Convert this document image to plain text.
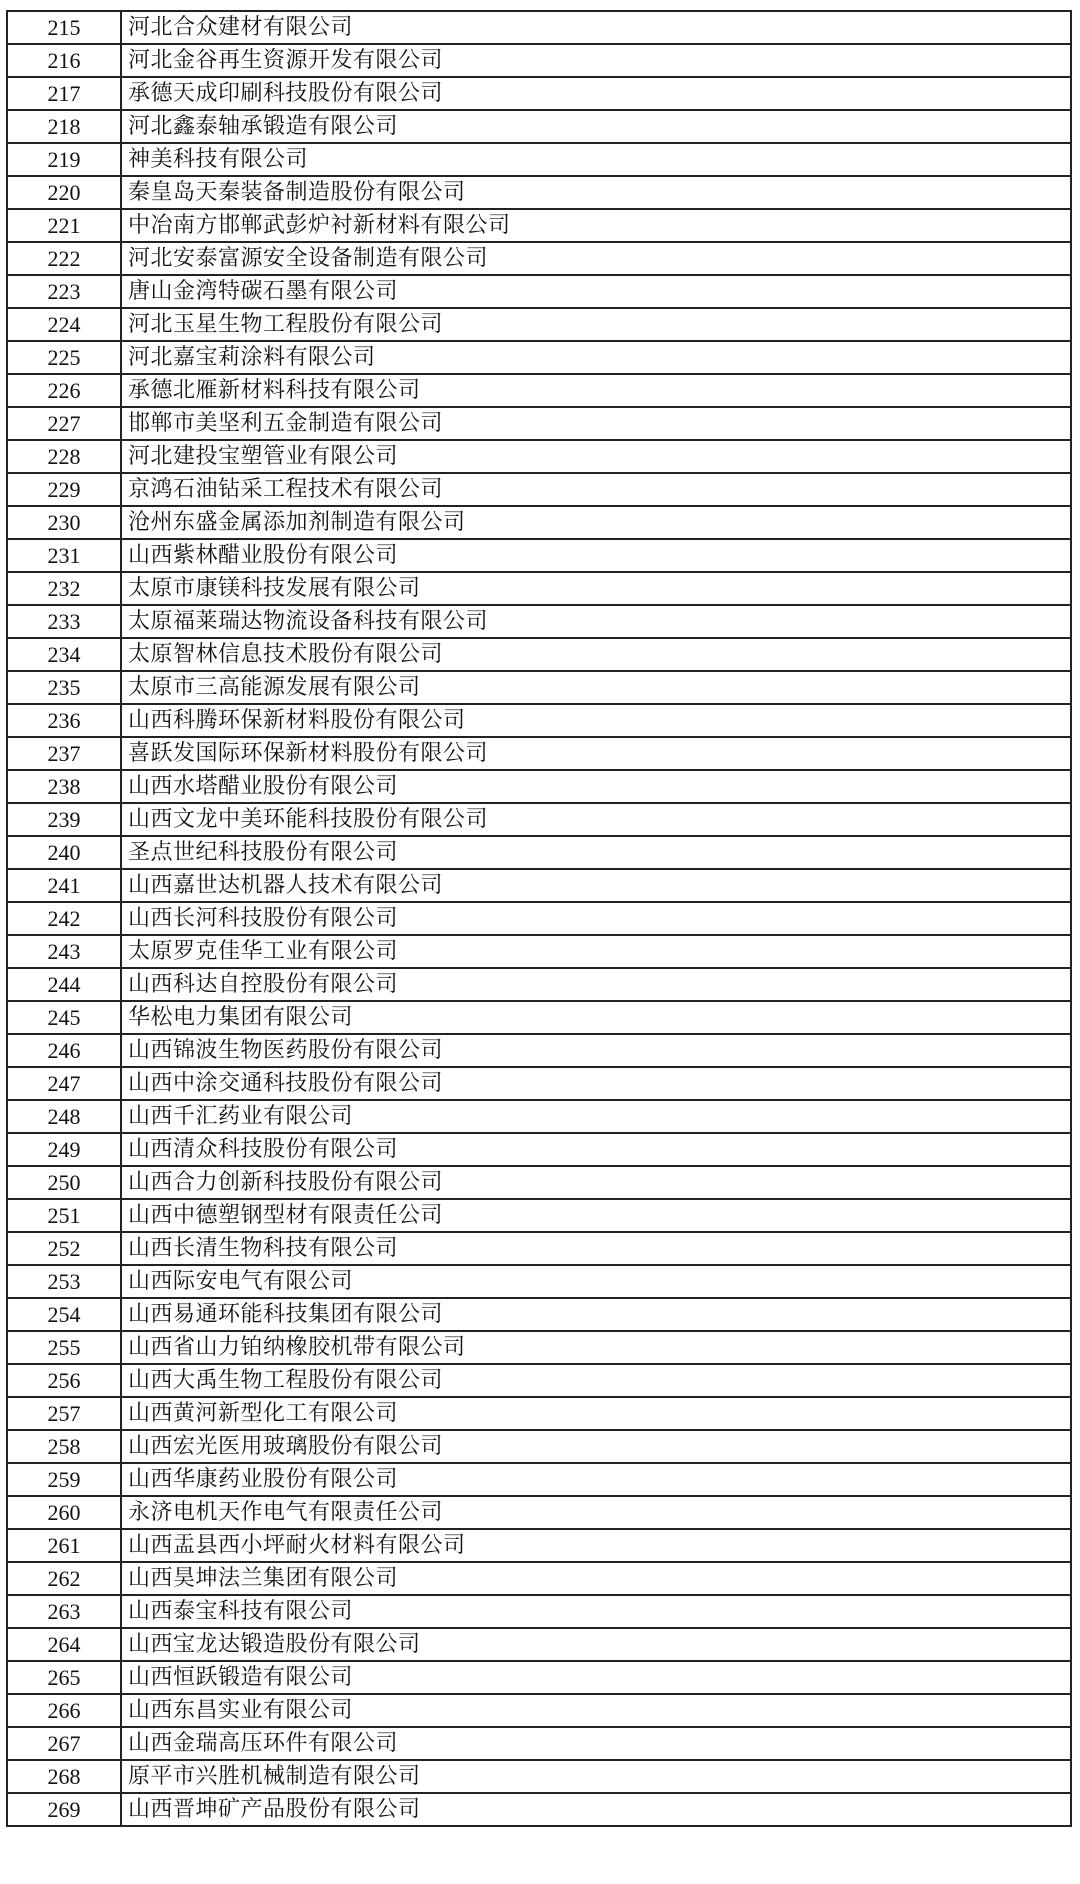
215	河北合众建材有限公司
216	河北金谷再生资源开发有限公司
217	承德天成印刷科技股份有限公司
218	河北鑫泰轴承锻造有限公司
219	神美科技有限公司
220	秦皇岛天秦装备制造股份有限公司
221	中冶南方邯郸武彭炉衬新材料有限公司
222	河北安泰富源安全设备制造有限公司
223	唐山金湾特碳石墨有限公司
224	河北玉星生物工程股份有限公司
225	河北嘉宝莉涂料有限公司
226	承德北雁新材料科技有限公司
227	邯郸市美坚利五金制造有限公司
228	河北建投宝塑管业有限公司
229	京鸿石油钻采工程技术有限公司
230	沧州东盛金属添加剂制造有限公司
231	山西紫林醋业股份有限公司
232	太原市康镁科技发展有限公司
233	太原福莱瑞达物流设备科技有限公司
234	太原智林信息技术股份有限公司
235	太原市三高能源发展有限公司
236	山西科腾环保新材料股份有限公司
237	喜跃发国际环保新材料股份有限公司
238	山西水塔醋业股份有限公司
239	山西文龙中美环能科技股份有限公司
240	圣点世纪科技股份有限公司
241	山西嘉世达机器人技术有限公司
242	山西长河科技股份有限公司
243	太原罗克佳华工业有限公司
244	山西科达自控股份有限公司
245	华松电力集团有限公司
246	山西锦波生物医药股份有限公司
247	山西中涂交通科技股份有限公司
248	山西千汇药业有限公司
249	山西清众科技股份有限公司
250	山西合力创新科技股份有限公司
251	山西中德塑钢型材有限责任公司
252	山西长清生物科技有限公司
253	山西际安电气有限公司
254	山西易通环能科技集团有限公司
255	山西省山力铂纳橡胶机带有限公司
256	山西大禹生物工程股份有限公司
257	山西黄河新型化工有限公司
258	山西宏光医用玻璃股份有限公司
259	山西华康药业股份有限公司
260	永济电机天作电气有限责任公司
261	山西盂县西小坪耐火材料有限公司
262	山西昊坤法兰集团有限公司
263	山西泰宝科技有限公司
264	山西宝龙达锻造股份有限公司
265	山西恒跃锻造有限公司
266	山西东昌实业有限公司
267	山西金瑞高压环件有限公司
268	原平市兴胜机械制造有限公司
269	山西晋坤矿产品股份有限公司
